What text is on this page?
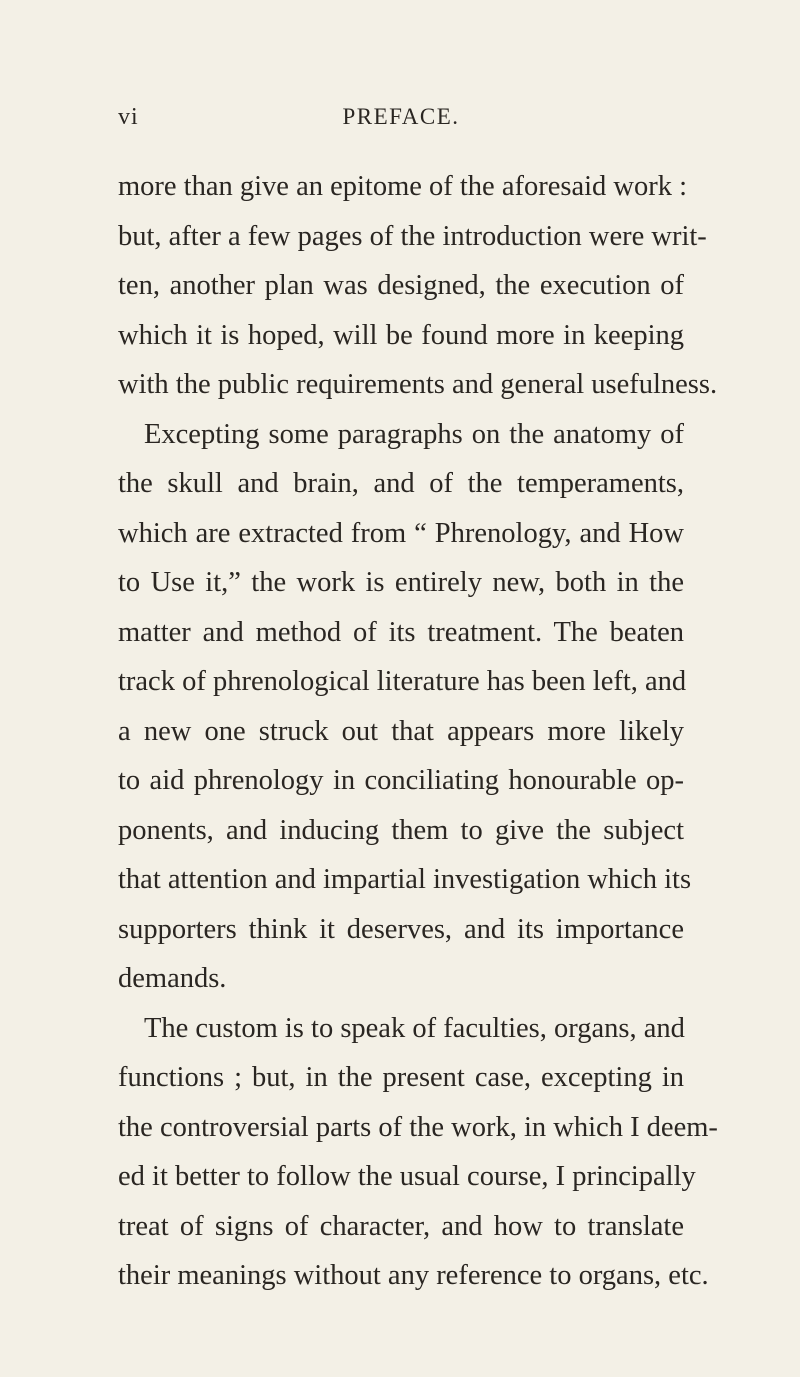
vi	PREFACE.
more than give an epitome of the aforesaid work :
but, after a few pages of the introduction were writ-
ten, another plan was designed, the execution of
which it is hoped, will be found more in keeping
with the public requirements and general usefulness.
Excepting some paragraphs on the anatomy of
the skull and brain, and of the temperaments,
which are extracted from “ Phrenology, and How
to Use it,” the work is entirely new, both in the
matter and method of its treatment. The beaten
track of phrenological literature has been left, and
a new one struck out that appears more likely
to aid phrenology in conciliating honourable op-
ponents, and inducing them to give the subject
that attention and impartial investigation which its
supporters think it deserves, and its importance
demands.
The custom is to speak of faculties, organs, and
functions ; but, in the present case, excepting in
the controversial parts of the work, in which I deem-
ed it better to follow the usual course, I principally
treat of signs of character, and how to translate
their meanings without any reference to organs, etc.
